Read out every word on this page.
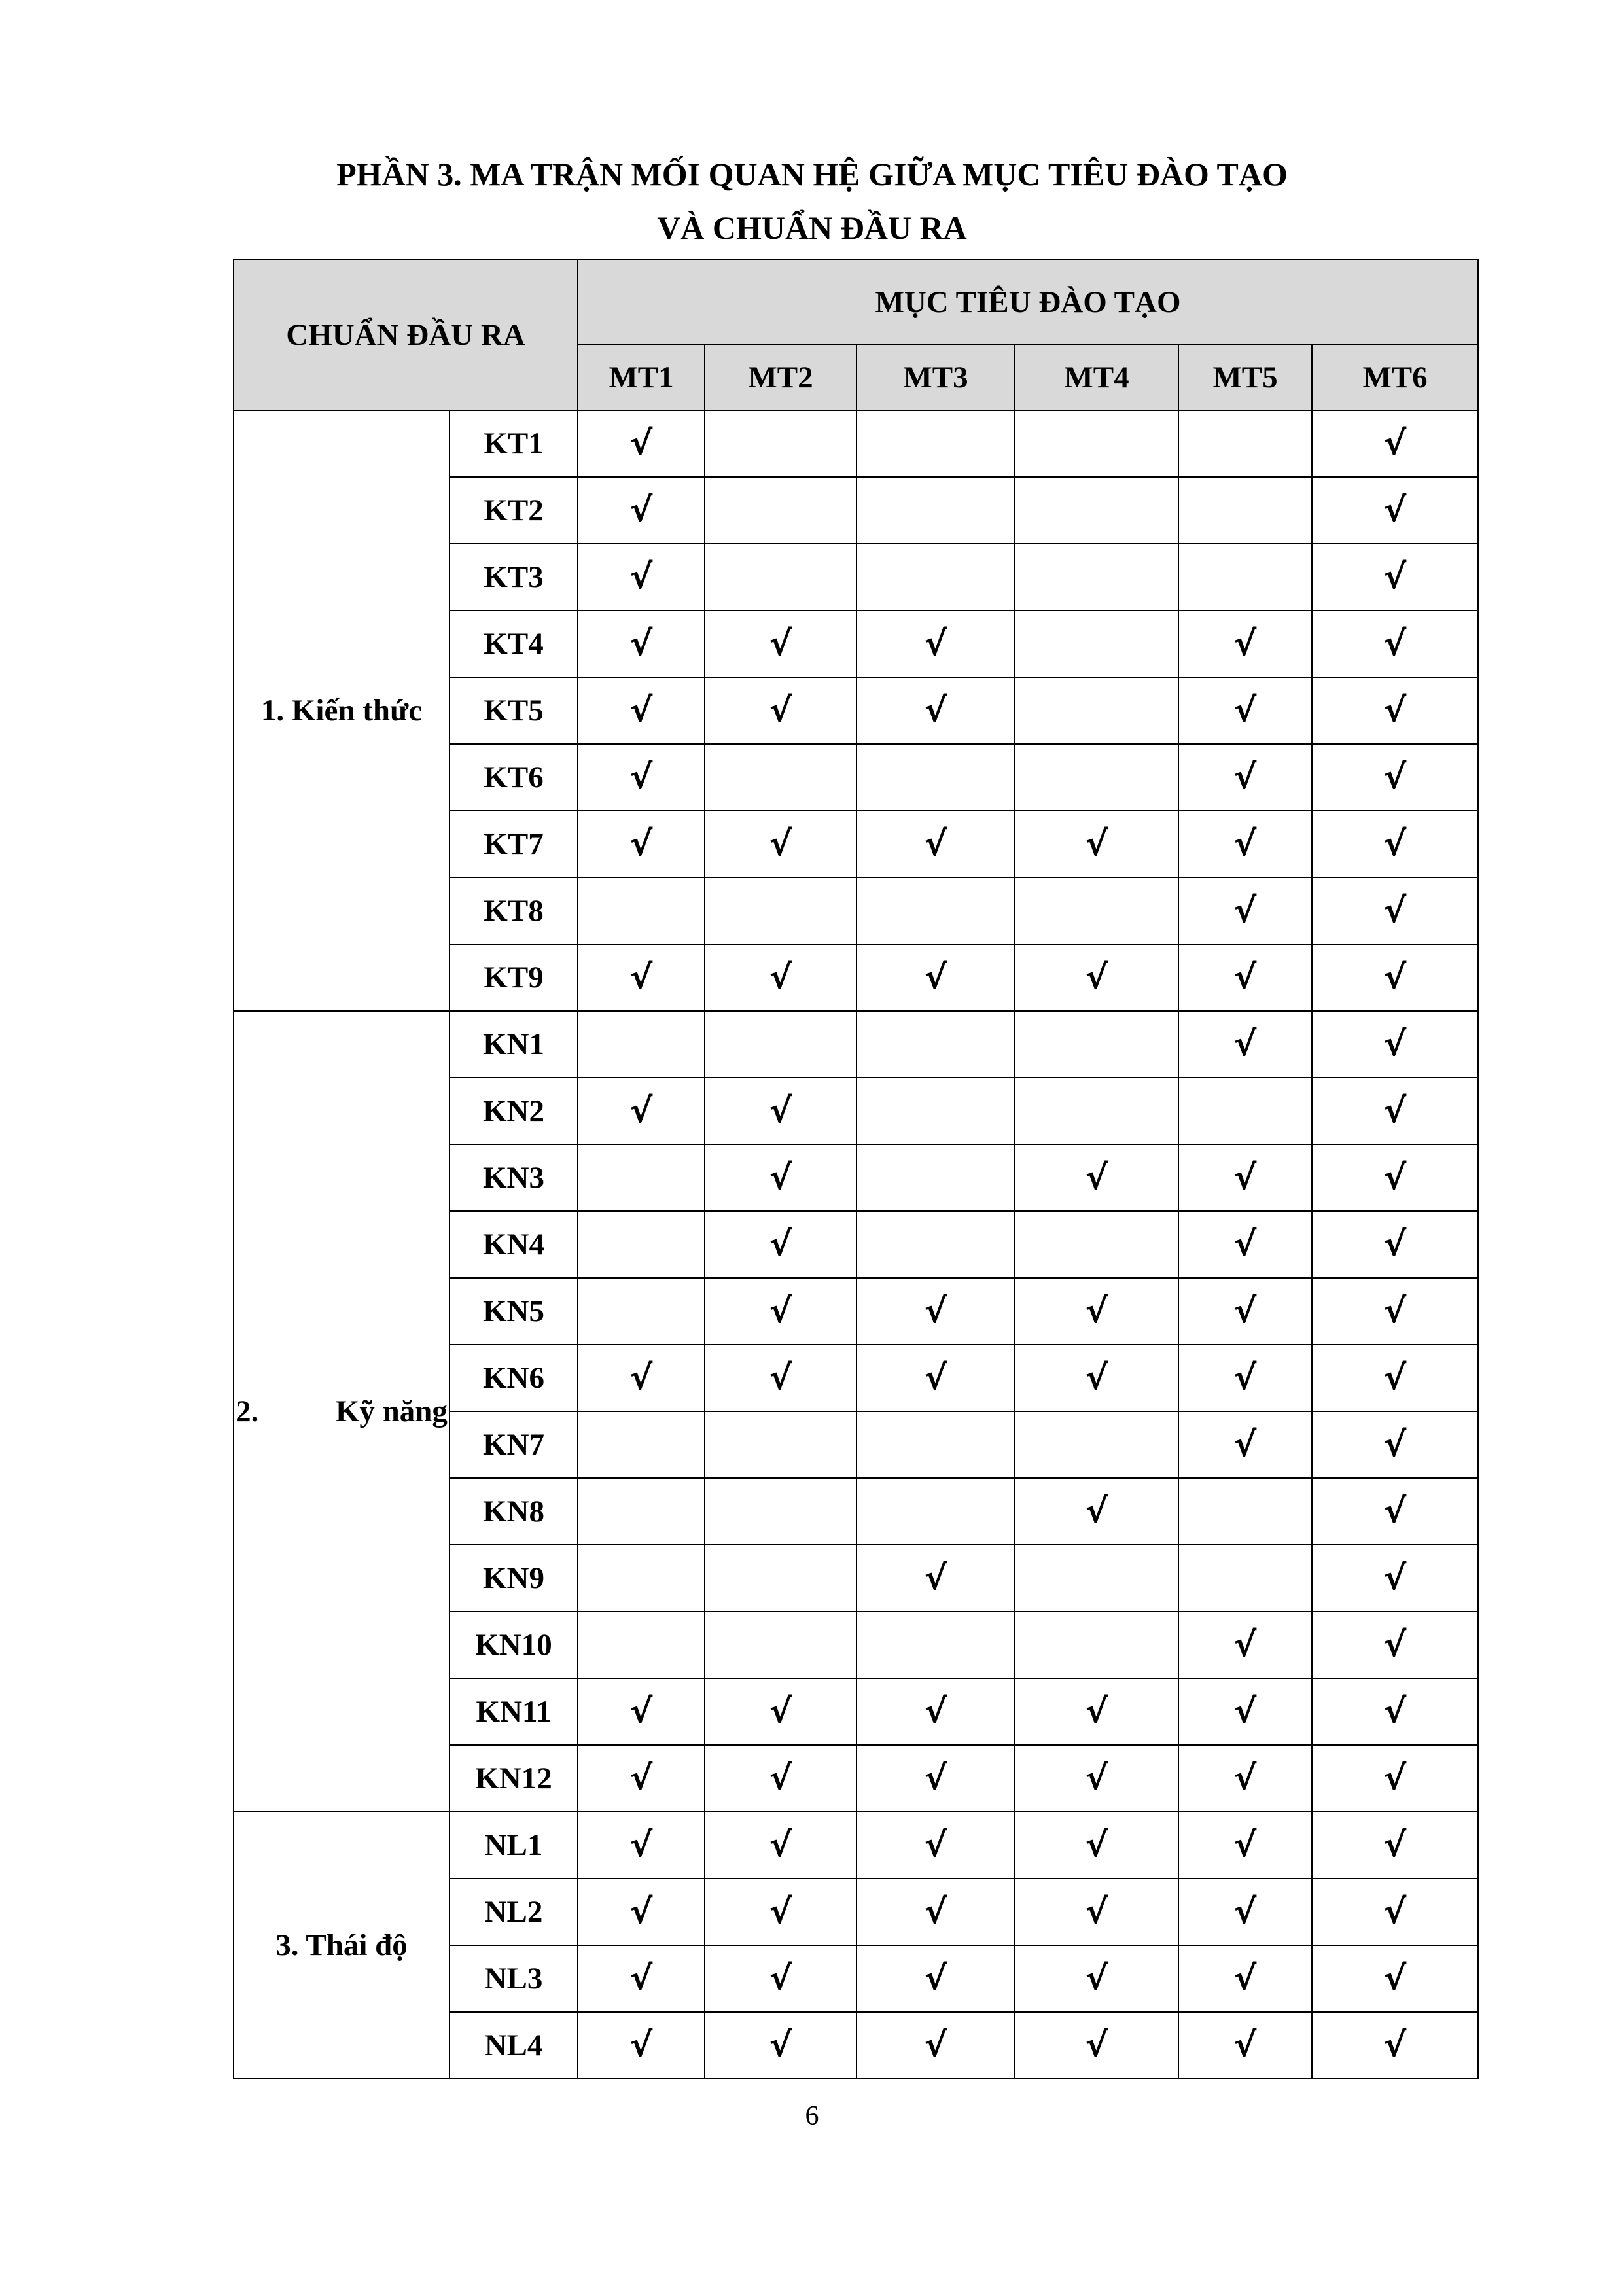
PHẦN 3. MA TRẬN MỐI QUAN HỆ GIỮA MỤC TIÊU ĐÀO TẠO
VÀ CHUẨN ĐẦU RA
CHUẨN ĐẦU RA		MỤC TIÊU ĐÀO TẠO					
		MT1	MT2	MT3	MT4	MT5	MT6
1. Kiến thức	KT1	√					√
	KT2	√					√
	KT3	√					√
	KT4	√	√	√		√	√
	KT5	√	√	√		√	√
	KT6	√				√	√
	KT7	√	√	√	√	√	√
	KT8					√	√
	KT9	√	√	√	√	√	√
2.          Kỹ năng	KN1					√	√
	KN2	√	√				√
	KN3		√		√	√	√
	KN4		√			√	√
	KN5		√	√	√	√	√
	KN6	√	√	√	√	√	√
	KN7					√	√
	KN8				√		√
	KN9			√			√
	KN10					√	√
	KN11	√	√	√	√	√	√
	KN12	√	√	√	√	√	√
3. Thái độ	NL1	√	√	√	√	√	√
	NL2	√	√	√	√	√	√
	NL3	√	√	√	√	√	√
	NL4	√	√	√	√	√	√
6
